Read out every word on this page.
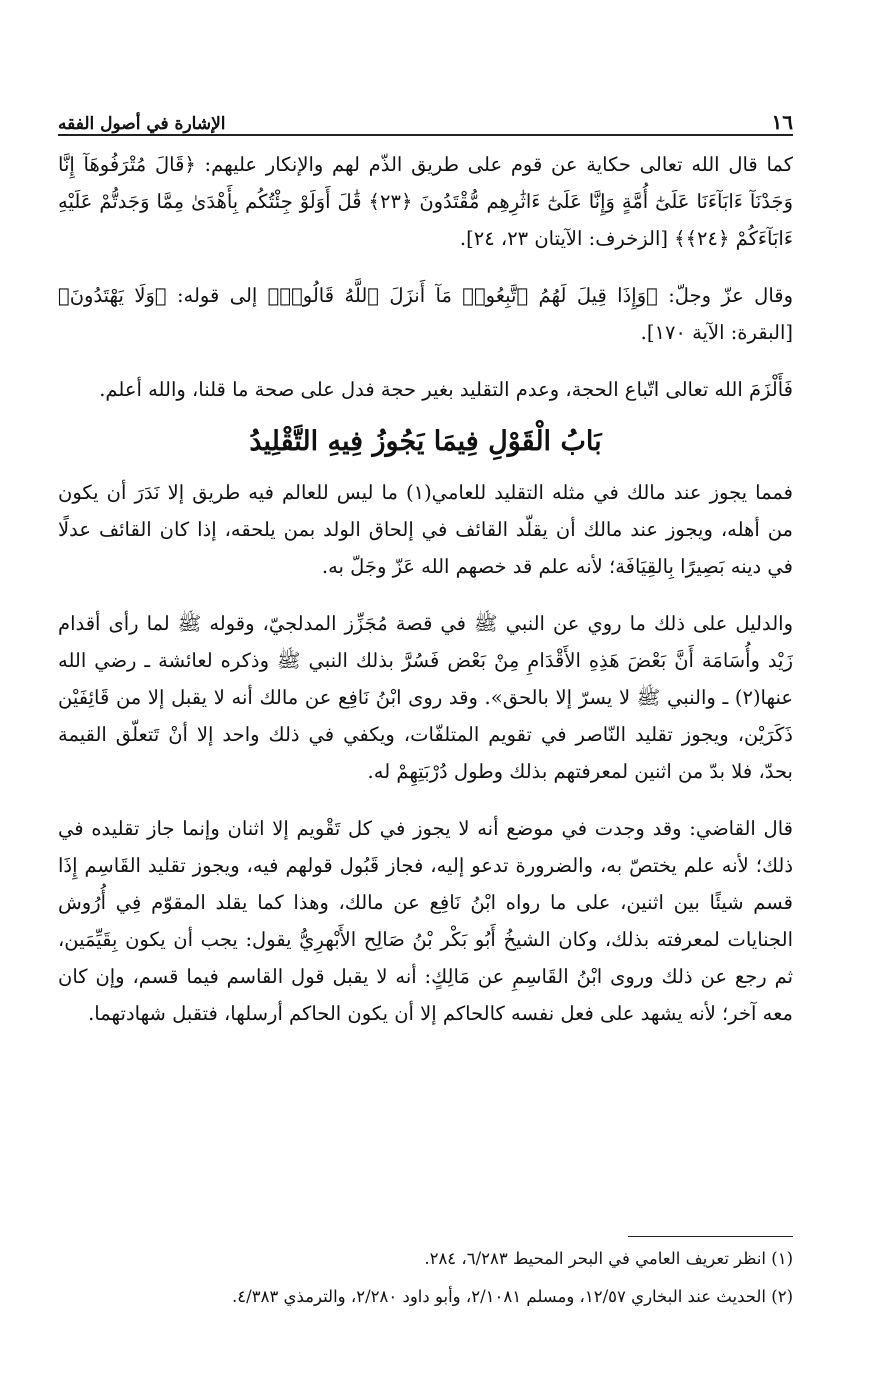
١٦
الإشارة في أصول الفقه

كما قال الله تعالى حكاية عن قوم على طريق الذّم لهم والإنكار عليهم: ﴿قَالَ مُتْرَفُوهَآ إِنَّا وَجَدْنَآ ءَابَآءَنَا عَلَىٰٓ أُمَّةٍ وَإِنَّا عَلَىٰٓ ءَاثَٰرِهِم مُّقْتَدُونَ ﴿٢٣﴾ قَٰلَ أَوَلَوْ جِئْتُكُم بِأَهْدَىٰ مِمَّا وَجَدتُّمْ عَلَيْهِ ءَابَآءَكُمْ ﴿٢٤﴾﴾ [الزخرف: الآيتان ٢٣، ٢٤].

وقال عزّ وجلّ: ﴿وَإِذَا قِيلَ لَهُمُ ٱتَّبِعُوا۟ مَآ أَنزَلَ ٱللَّهُ قَالُوا۟﴾ إلى قوله: ﴿وَلَا يَهْتَدُونَ﴾ [البقرة: الآية ١٧٠].

فَأَلْزَمَ الله تعالى اتّباع الحجة، وعدم التقليد بغير حجة فدل على صحة ما قلنا، والله أعلم.

بَابُ الْقَوْلِ فِيمَا يَجُوزُ فِيهِ التَّقْلِيدُ

فمما يجوز عند مالك في مثله التقليد للعامي(١) ما ليس للعالم فيه طريق إلا نَدَرَ أن يكون من أهله، ويجوز عند مالك أن يقلّد القائف في إلحاق الولد بمن يلحقه، إذا كان القائف عدلًا في دينه بَصِيرًا بِالقِيَافَة؛ لأنه علم قد خصهم الله عَزّ وجَلّ به.

والدليل على ذلك ما روي عن النبي ﷺ في قصة مُجَزِّز المدلجيّ، وقوله ﷺ لما رأى أقدام زَيْد وأُسَامَة أَنَّ بَعْضَ هَذِهِ الأَقْدَامِ مِنْ بَعْض فَسُرَّ بذلك النبي ﷺ وذكره لعائشة ـ رضي الله عنها(٢) ـ والنبي ﷺ لا يسرّ إلا بالحق». وقد روى ابْنُ نَافِع عن مالك أنه لا يقبل إلا من قَائِفَيْن ذَكَرَيْن، ويجوز تقليد النّاصر في تقويم المتلفّات، ويكفي في ذلك واحد إلا أنْ تَتعلّق القيمة بحدّ، فلا بدّ من اثنين لمعرفتهم بذلك وطول دُرْبَتِهِمْ له.

قال القاضي: وقد وجدت في موضع أنه لا يجوز في كل تَقْويم إلا اثنان وإنما جاز تقليده في ذلك؛ لأنه علم يختصّ به، والضرورة تدعو إليه، فجاز قَبُول قولهم فيه، ويجوز تقليد القَاسِم إِذَا قسم شيئًا بين اثنين، على ما رواه ابْنُ نَافِع عن مالك، وهذا كما يقلد المقوّم فِي أُرُوش الجنايات لمعرفته بذلك، وكان الشيخُ أَبُو بَكْر بْنُ صَالِح الأَبْهرِيُّ يقول: يجب أن يكون بِقَيِّمَين، ثم رجع عن ذلك وروى ابْنُ القَاسِمِ عن مَالِكٍ: أنه لا يقبل قول القاسم فيما قسم، وإن كان معه آخر؛ لأنه يشهد على فعل نفسه كالحاكم إلا أن يكون الحاكم أرسلها، فتقبل شهادتهما.

(١) انظر تعريف العامي في البحر المحيط ٦/٢٨٣، ٢٨٤.

(٢) الحديث عند البخاري ١٢/٥٧، ومسلم ٢/١٠٨١، وأبو داود ٢/٢٨٠، والترمذي ٤/٣٨٣.
